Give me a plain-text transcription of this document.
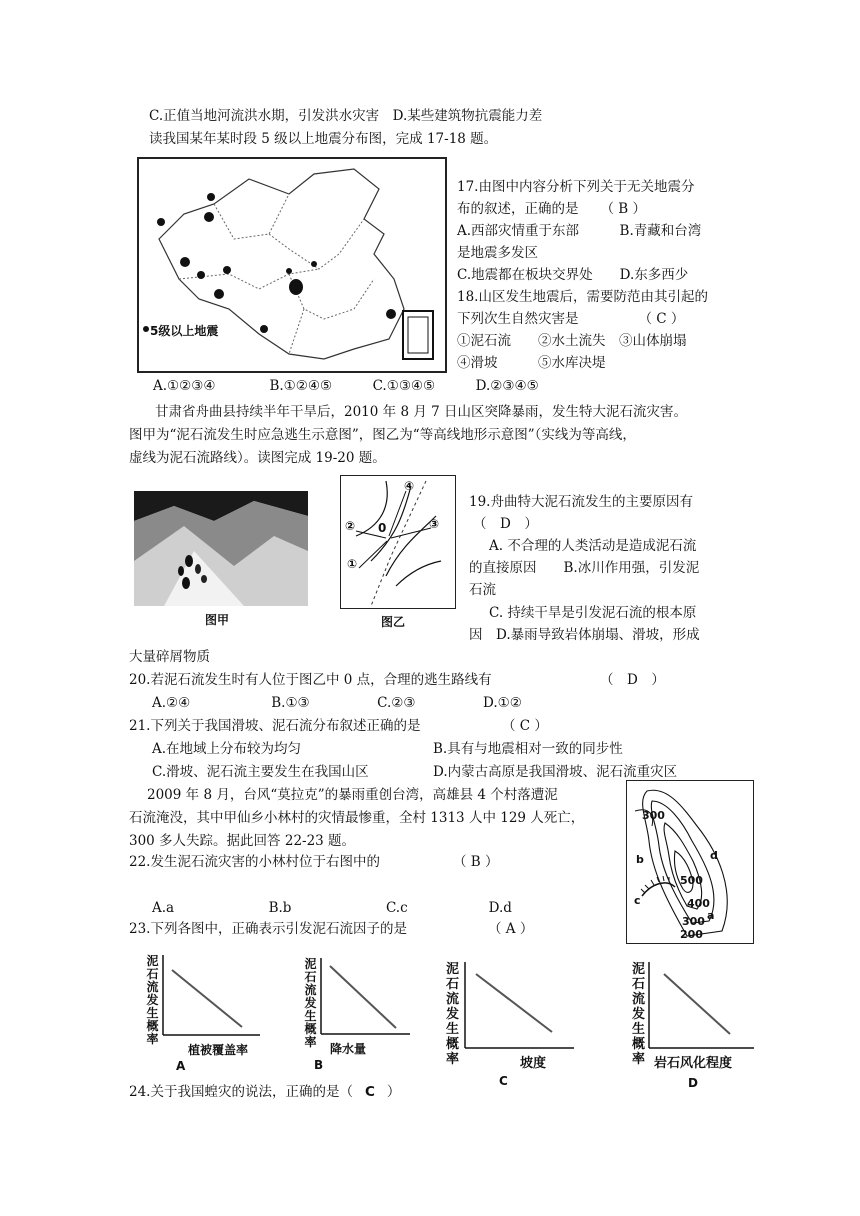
C.正值当地河流洪水期，引发洪水灾害　D.某些建筑物抗震能力差
读我国某年某时段 5 级以上地震分布图，完成 17-18 题。
5级以上地震
17.由图中内容分析下列关于无关地震分
布的叙述，正确的是 （ B ）
A.西部灾情重于东部　　　B.青藏和台湾
是地震多发区
C.地震都在板块交界处　　D.东多西少
18.山区发生地震后，需要防范由其引起的
下列次生自然灾害是	（ C ）
①泥石流　　②水土流失　③山体崩塌
④滑坡　　　⑤水库决堤
A.①②③④　　　　B.①②④⑤　　　C.①③④⑤　　　D.②③④⑤
甘肃省舟曲县持续半年干旱后，2010 年 8 月 7 日山区突降暴雨，发生特大泥石流灾害。
图甲为“泥石流发生时应急逃生示意图”，图乙为“等高线地形示意图”（实线为等高线，
虚线为泥石流路线）。读图完成 19-20 题。
图甲
④
② 0	③
①
图乙
19.舟曲特大泥石流发生的主要原因有
（　D　）
A. 不合理的人类活动是造成泥石流
的直接原因　　B.冰川作用强，引发泥
石流
C. 持续干旱是引发泥石流的根本原
因　D.暴雨导致岩体崩塌、滑坡，形成
大量碎屑物质
20.若泥石流发生时有人位于图乙中 0 点，合理的逃生路线有	（　D　）
A.②④　　　　　　B.①③　　　　　C.②③　　　　　D.①②
21.下列关于我国滑坡、泥石流分布叙述正确的是	（ C ）
A.在地域上分布较为均匀	B.具有与地震相对一致的同步性
C.滑坡、泥石流主要发生在我国山区	D.内蒙古高原是我国滑坡、泥石流重灾区
2009 年 8 月，台风“莫拉克”的暴雨重创台湾，高雄县 4 个村落遭泥
石流淹没，其中甲仙乡小林村的灾情最惨重，全村 1313 人中 129 人死亡，
300 多人失踪。据此回答 22-23 题。
300
500
400
300
200
a
b
c
d
22.发生泥石流灾害的小林村位于右图中的	（ B ）
A.a　　　　　　　B.b　　　　　　　C.c　　　　　　D.d
23.下列各图中，正确表示引发泥石流因子的是	（ A ）
泥石流发生概率
植被覆盖率
A
泥石流发生概率 降水量
B
泥石流发生概率	坡度
C
泥石流发生概率 岩石风化程度
D
24.关于我国蝗灾的说法，正确的是（ C ）
